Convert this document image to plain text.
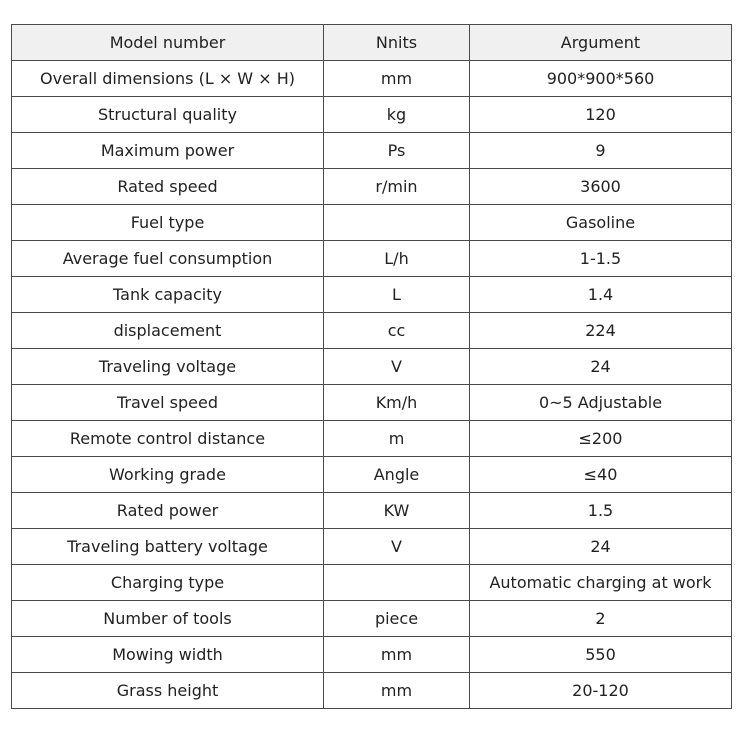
Model number	Nnits	Argument
Overall dimensions (L × W × H)	mm	900*900*560
Structural quality	kg	120
Maximum power	Ps	9
Rated speed	r/min	3600
Fuel type		Gasoline
Average fuel consumption	L/h	1-1.5
Tank capacity	L	1.4
displacement	cc	224
Traveling voltage	V	24
Travel speed	Km/h	0~5 Adjustable
Remote control distance	m	≤200
Working grade	Angle	≤40
Rated power	KW	1.5
Traveling battery voltage	V	24
Charging type		Automatic charging at work
Number of tools	piece	2
Mowing width	mm	550
Grass height	mm	20-120
